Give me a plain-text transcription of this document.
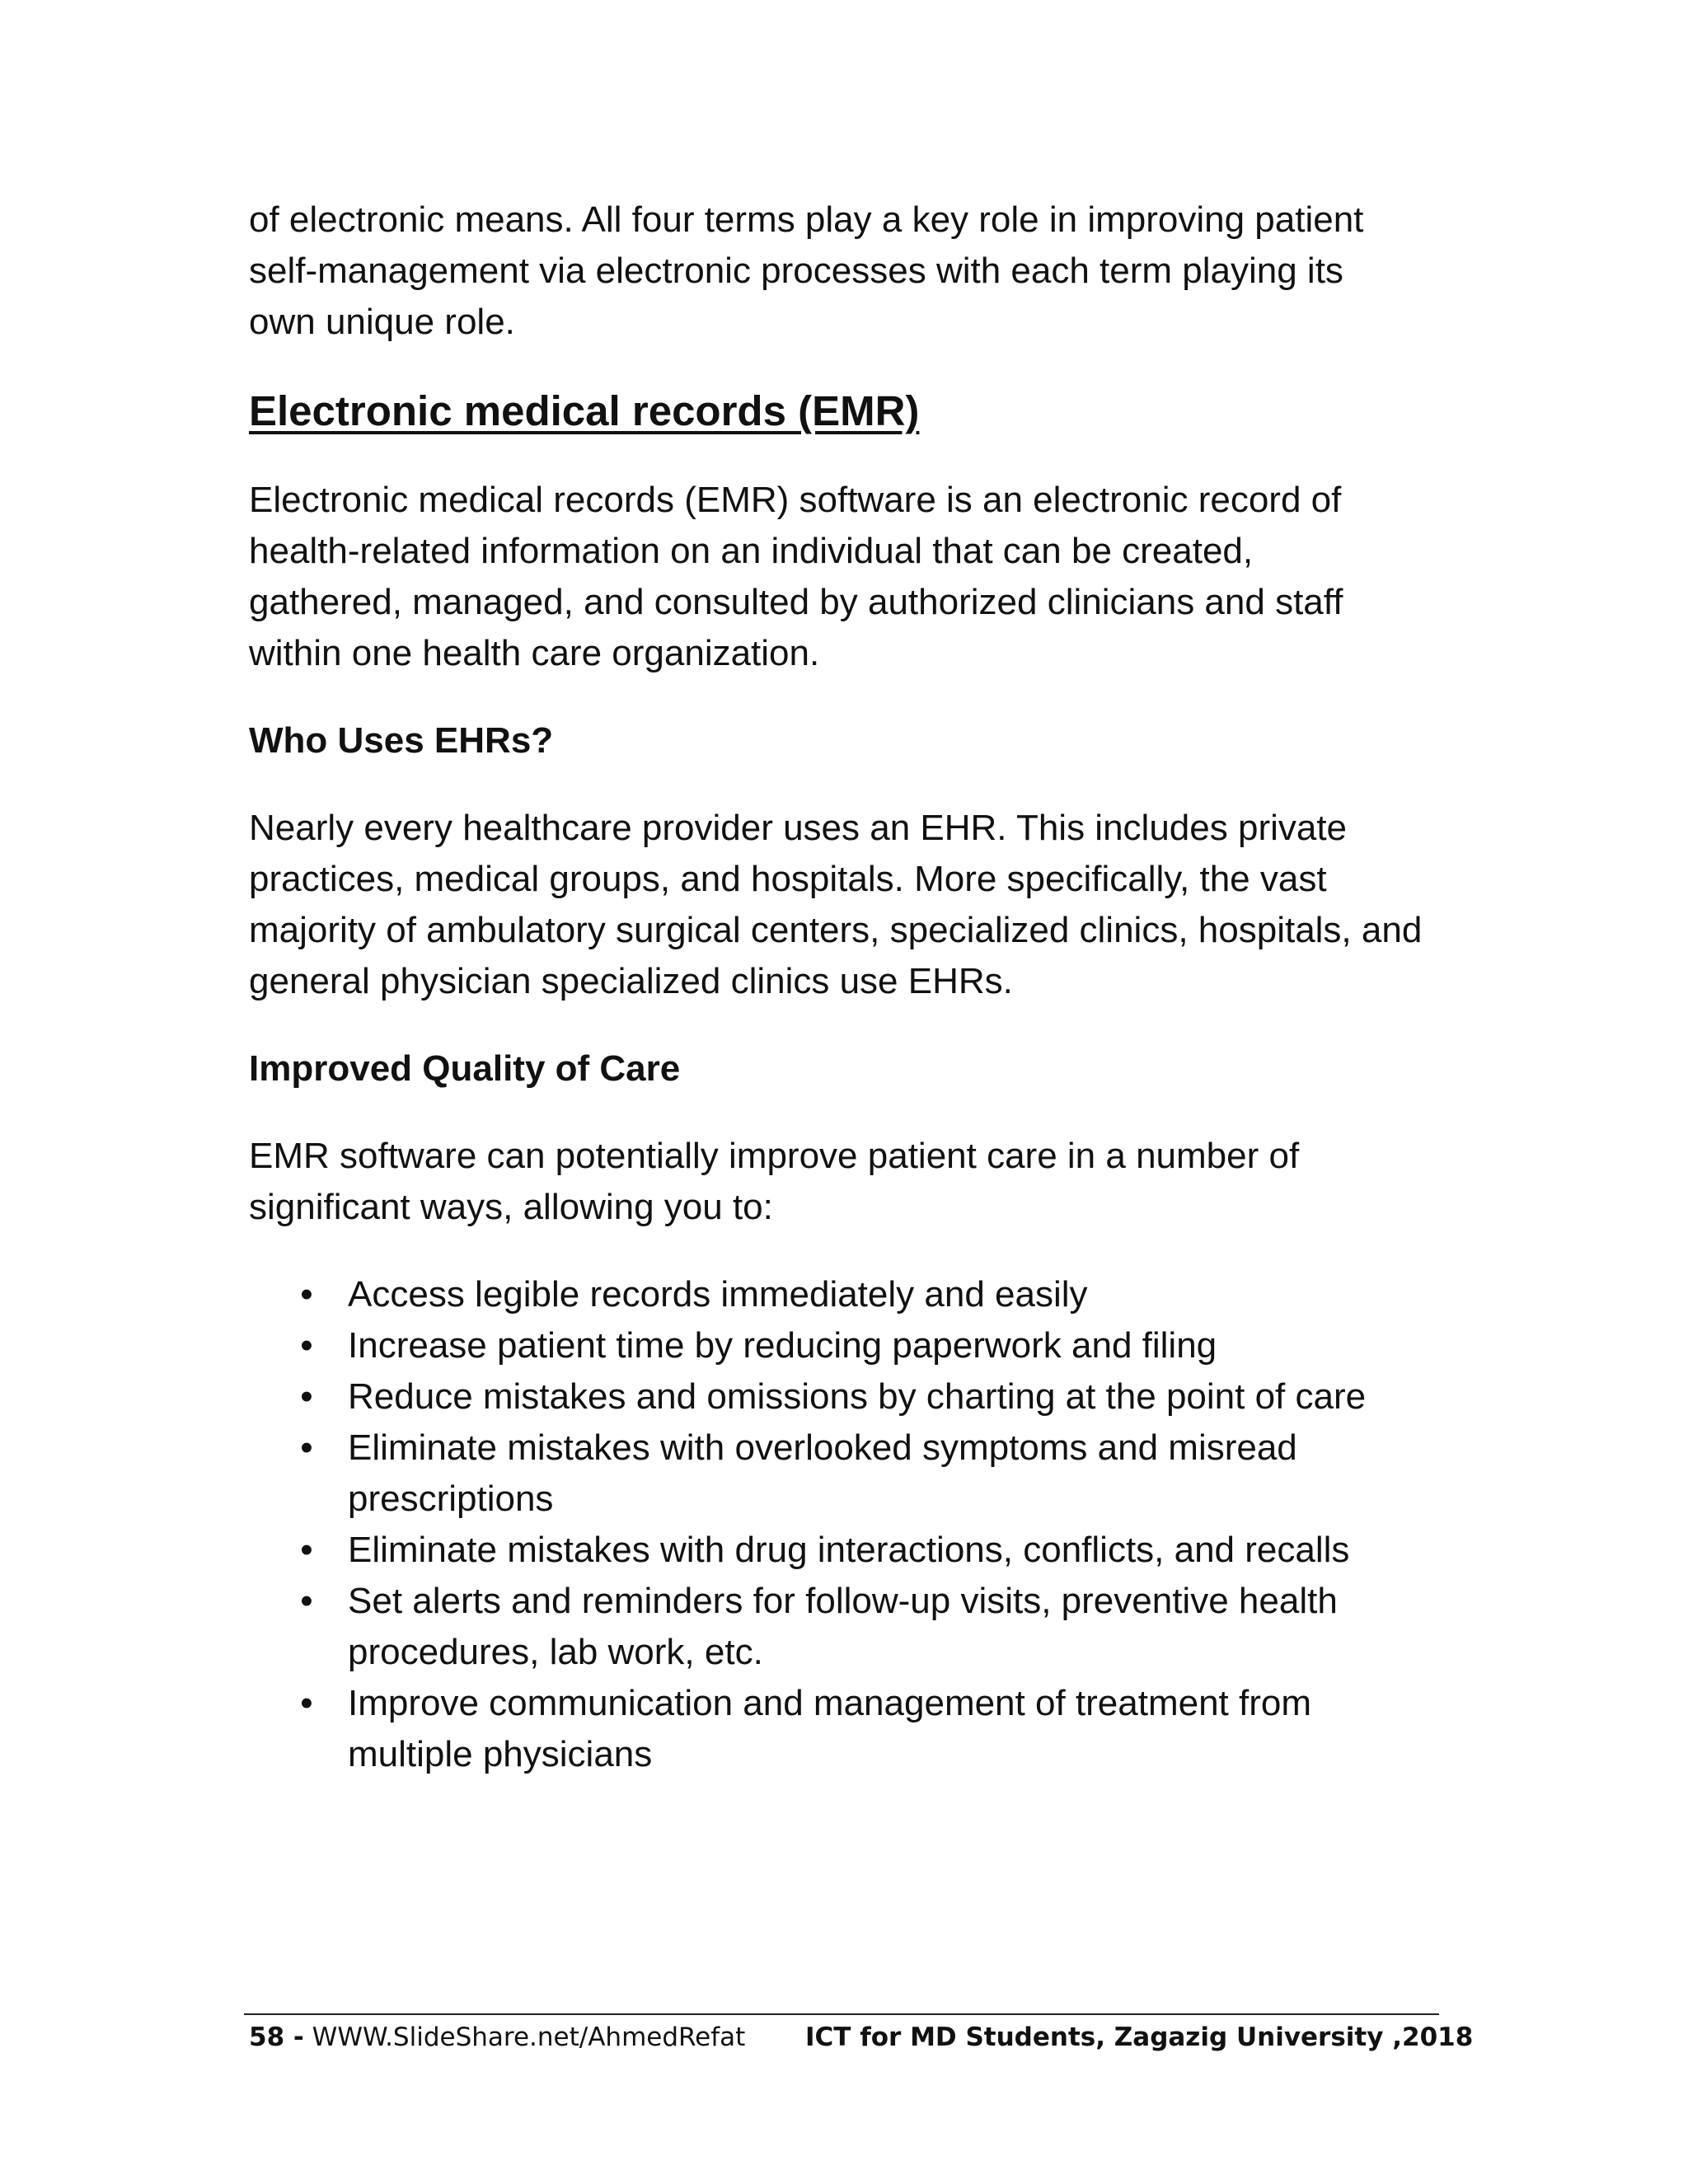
of electronic means. All four terms play a key role in improving patient self-management via electronic processes with each term playing its own unique role.

Electronic medical records (EMR)

Electronic medical records (EMR) software is an electronic record of health-related information on an individual that can be created, gathered, managed, and consulted by authorized clinicians and staff within one health care organization.

Who Uses EHRs?

Nearly every healthcare provider uses an EHR. This includes private practices, medical groups, and hospitals. More specifically, the vast majority of ambulatory surgical centers, specialized clinics, hospitals, and general physician specialized clinics use EHRs.

Improved Quality of Care

EMR software can potentially improve patient care in a number of significant ways, allowing you to:

• Access legible records immediately and easily
• Increase patient time by reducing paperwork and filing
• Reduce mistakes and omissions by charting at the point of care
• Eliminate mistakes with overlooked symptoms and misread prescriptions
• Eliminate mistakes with drug interactions, conflicts, and recalls
• Set alerts and reminders for follow-up visits, preventive health procedures, lab work, etc.
• Improve communication and management of treatment from multiple physicians
58 - WWW.SlideShare.net/AhmedRefat ICT for MD Students, Zagazig University ,2018
